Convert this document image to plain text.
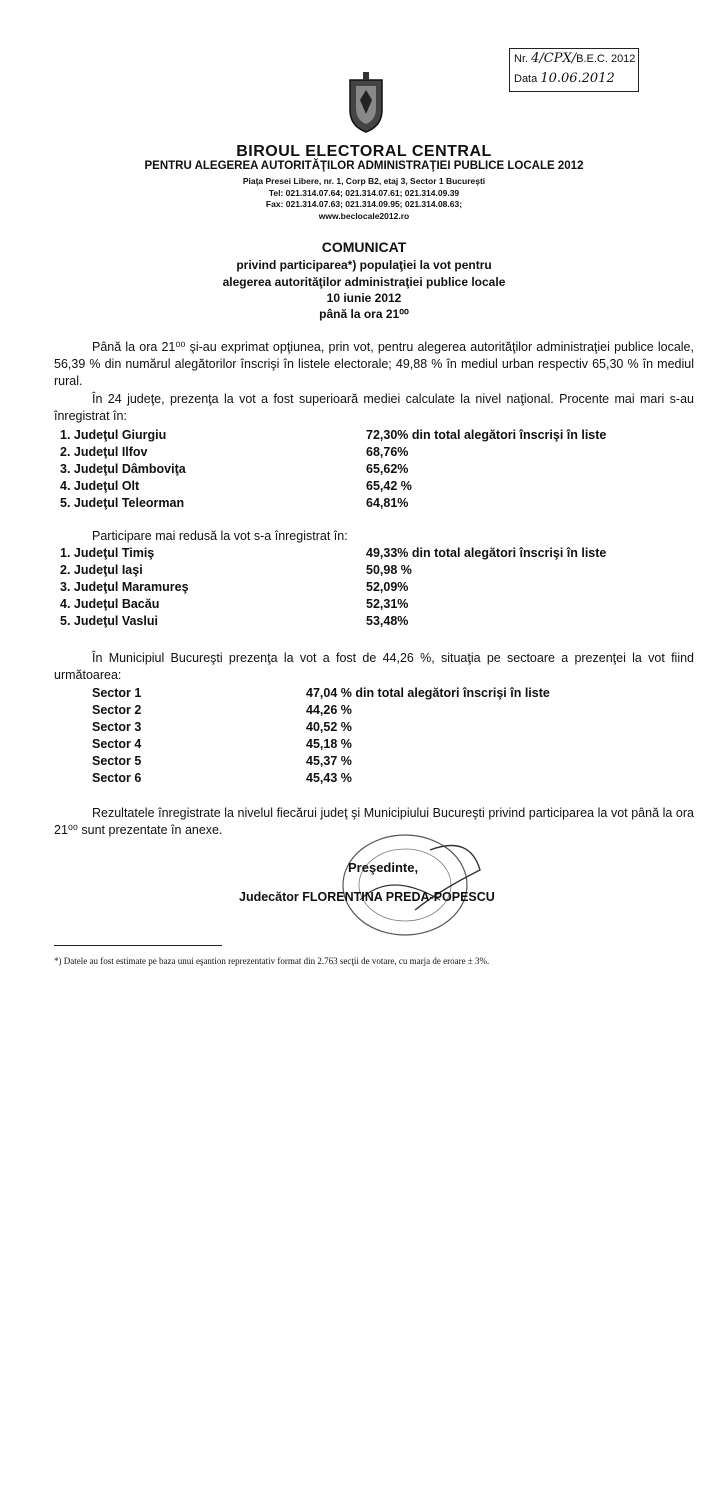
Nr. 4/CPX/B.E.C. 2012
Data 10.06.2012
BIROUL ELECTORAL CENTRAL
PENTRU ALEGEREA AUTORITĂŢILOR ADMINISTRAŢIEI PUBLICE LOCALE 2012
Piaţa Presei Libere, nr. 1, Corp B2, etaj 3, Sector 1 Bucureşti
Tel: 021.314.07.64; 021.314.07.61; 021.314.09.39
Fax: 021.314.07.63; 021.314.09.95; 021.314.08.63;
www.beclocale2012.ro
COMUNICAT
privind participarea*) populaţiei la vot pentru
alegerea autorităţilor administraţiei publice locale
10 iunie 2012
până la ora 21⁰⁰
Până la ora 21⁰⁰ şi-au exprimat opţiunea, prin vot, pentru alegerea autorităţilor administraţiei publice locale, 56,39 % din numărul alegătorilor înscrişi în listele electorale; 49,88 % în mediul urban respectiv 65,30 % în mediul rural.
În 24 judeţe, prezenţa la vot a fost superioară mediei calculate la nivel naţional. Procente mai mari s-au înregistrat în:
1. Judeţul Giurgiu	72,30% din total alegători înscrişi în liste
2. Judeţul Ilfov	68,76%
3. Judeţul Dâmboviţa	65,62%
4. Judeţul Olt	65,42 %
5. Judeţul Teleorman	64,81%
Participare mai redusă la vot s-a înregistrat în:
1. Judeţul Timiş	49,33% din total alegători înscrişi în liste
2. Judeţul Iaşi	50,98 %
3. Judeţul Maramureş	52,09%
4. Judeţul Bacău	52,31%
5. Judeţul Vaslui	53,48%
În Municipiul Bucureşti prezenţa la vot a fost de 44,26 %, situaţia pe sectoare a prezenţei la vot fiind următoarea:
Sector 1	47,04 % din total alegători înscrişi în liste
Sector 2	44,26 %
Sector 3	40,52 %
Sector 4	45,18 %
Sector 5	45,37 %
Sector 6	45,43 %
Rezultatele înregistrate la nivelul fiecărui judeţ şi Municipiului Bucureşti privind participarea la vot până la ora 21⁰⁰ sunt prezentate în anexe.
Preşedinte,
Judecător FLORENTINA PREDA-POPESCU
*) Datele au fost estimate pe baza unui eşantion reprezentativ format din 2.763 secţii de votare, cu marja de eroare ± 3%.
